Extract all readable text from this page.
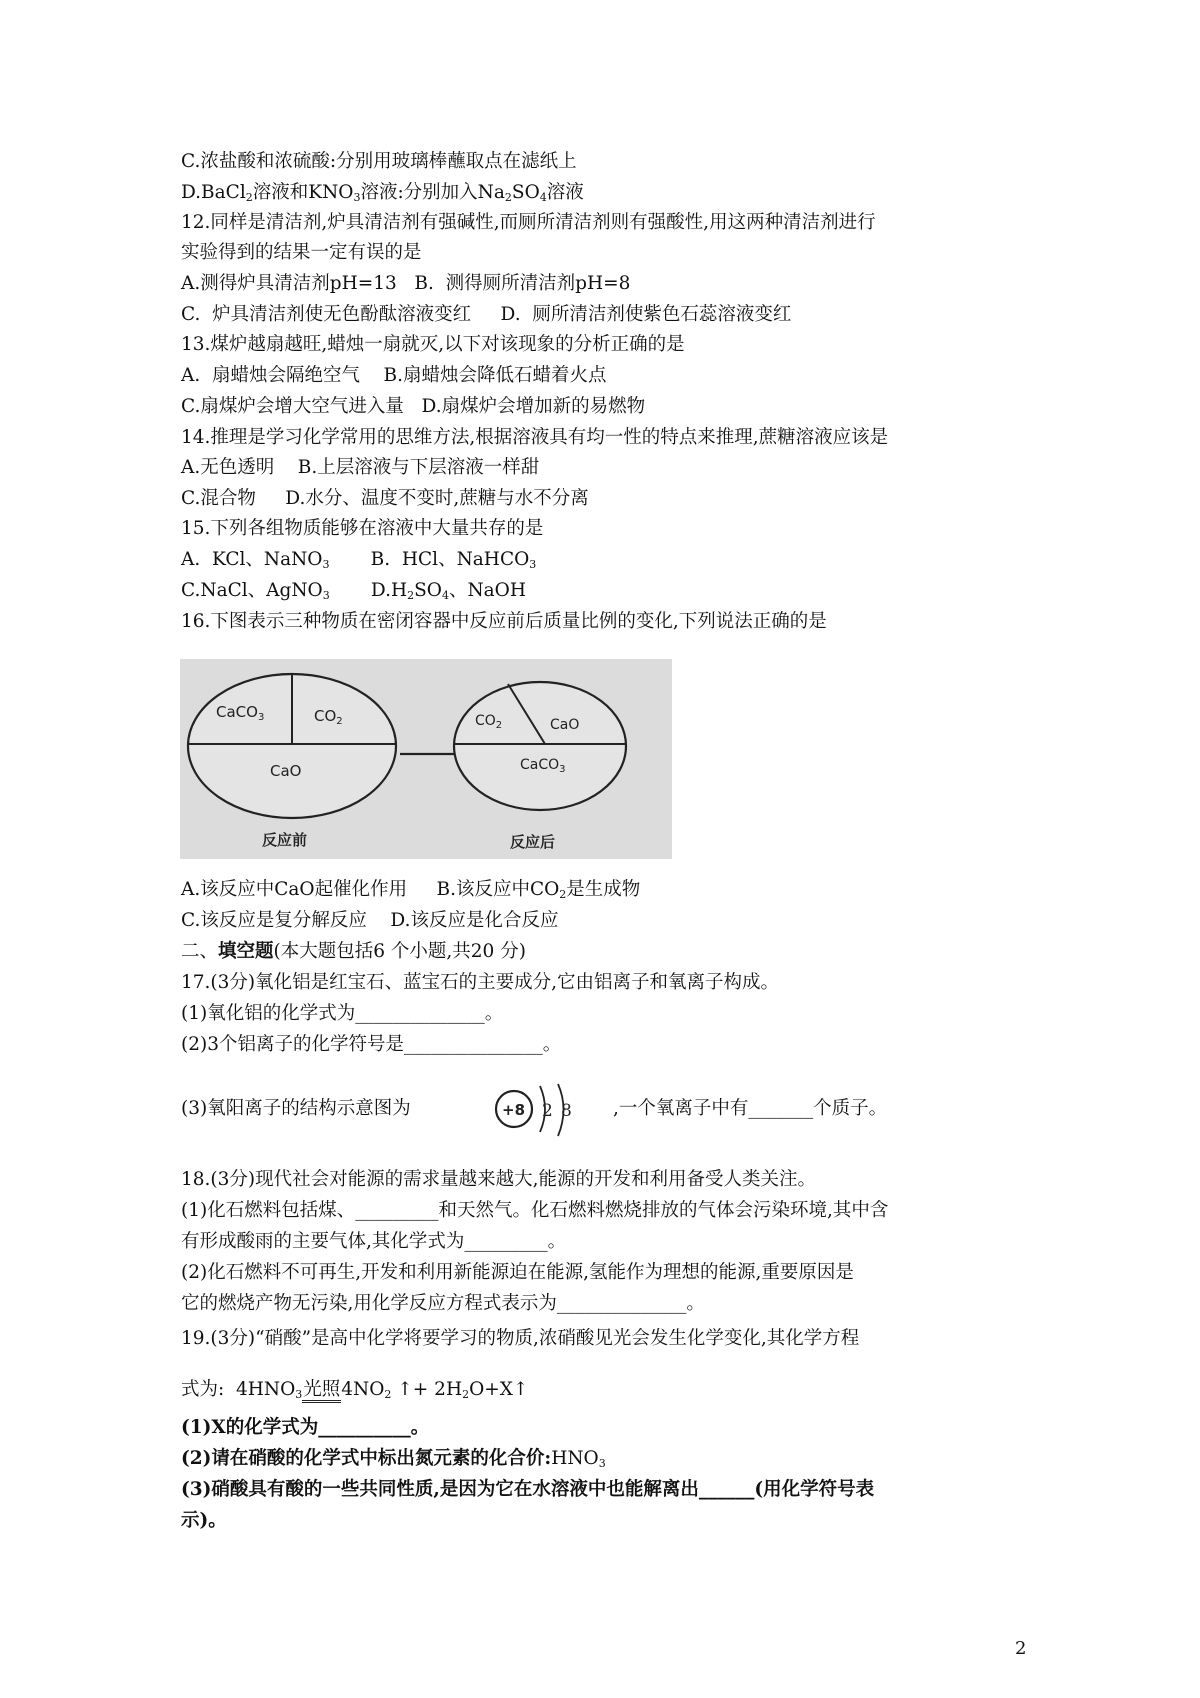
C.浓盐酸和浓硫酸:分别用玻璃棒蘸取点在滤纸上
D.BaCl$_2$溶液和$KNO_3$溶液:分别加入$Na_2SO_4$溶液
12.同样是清洁剂,炉具清洁剂有强碱性,而厕所清洁剂则有强酸性,用这两种清洁剂进行
实验得到的结果一定有误的是
A.测得炉具清洁剂pH=13   B.  测得厕所清洁剂pH=8
C.  炉具清洁剂使无色酚酞溶液变红     D.  厕所清洁剂使紫色石蕊溶液变红
13.煤炉越扇越旺,蜡烛一扇就灭,以下对该现象的分析正确的是
A.  扇蜡烛会隔绝空气    B.扇蜡烛会降低石蜡着火点
C.扇煤炉会增大空气进入量   D.扇煤炉会增加新的易燃物
14.推理是学习化学常用的思维方法,根据溶液具有均一性的特点来推理,蔗糖溶液应该是
A.无色透明    B.上层溶液与下层溶液一样甜
C.混合物     D.水分、温度不变时,蔗糖与水不分离
15.下列各组物质能够在溶液中大量共存的是
A.  KCl、NaNO$_3$       B.  HCl、NaHCO$_3$
C.NaCl、AgNO$_3$       $D.H_2SO_4$、NaOH
16.下图表示三种物质在密闭容器中反应前后质量比例的变化,下列说法正确的是
CaCO$_3$	$CO_2$
CaO
$CO_2$	CaO
CaCO$_3$
反应前	反应后
A.该反应中CaO起催化作用     B.该反应中$CO_2$是生成物
C.该反应是复分解反应    D.该反应是化合反应
二、填空题(本大题包括6 个小题,共20 分)
17.(3分)氧化铝是红宝石、蓝宝石的主要成分,它由铝离子和氧离子构成。
(1)氧化铝的化学式为______________。
(2)3个铝离子的化学符号是_______________。
(3)氧阳离子的结构示意图为	+8 2 8 ,一个氧离子中有_______个质子。
18.(3分)现代社会对能源的需求量越来越大,能源的开发和利用备受人类关注。
(1)化石燃料包括煤、_________和天然气。化石燃料燃烧排放的气体会污染环境,其中含
有形成酸雨的主要气体,其化学式为_________。
(2)化石燃料不可再生,开发和利用新能源迫在能源,氢能作为理想的能源,重要原因是
它的燃烧产物无污染,用化学反应方程式表示为______________。
19.(3分)“硝酸”是高中化学将要学习的物质,浓硝酸见光会发生化学变化,其化学方程
式为:  $4HNO_3$光照$4NO_2$ ↑+ $2H_2O+X↑$
(1)X的化学式为__________。
(2)请在硝酸的化学式中标出氮元素的化合价$:HNO_3$
(3)硝酸具有酸的一些共同性质,是因为它在水溶液中也能解离出______(用化学符号表
示)。
2
